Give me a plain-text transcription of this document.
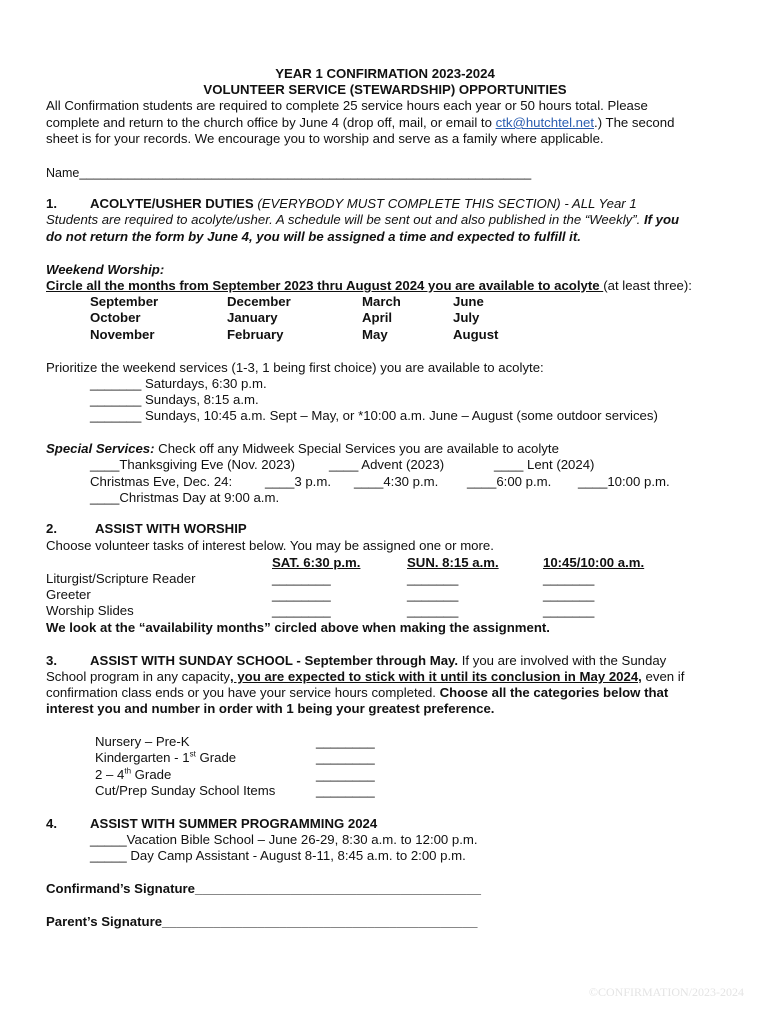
YEAR 1 CONFIRMATION 2023-2024
VOLUNTEER SERVICE (STEWARDSHIP) OPPORTUNITIES
All Confirmation students are required to complete 25 service hours each year or 50 hours total. Please
complete and return to the church office by June 4 (drop off, mail, or email to ctk@hutchtel.net.) The second
sheet is for your records. We encourage you to worship and serve as a family where applicable.
Name_________________________________________________________________
1.	ACOLYTE/USHER DUTIES (EVERYBODY MUST COMPLETE THIS SECTION) - ALL Year 1
Students are required to acolyte/usher. A schedule will be sent out and also published in the “Weekly”. If you
do not return the form by June 4, you will be assigned a time and expected to fulfill it.
Weekend Worship:
Circle all the months from September 2023 thru August 2024 you are available to acolyte (at least three):
September	December	March	June
October	January	April	July
November	February	May	August
Prioritize the weekend services (1-3, 1 being first choice) you are available to acolyte:
_______ Saturdays, 6:30 p.m.
_______ Sundays, 8:15 a.m.
_______ Sundays, 10:45 a.m. Sept – May, or *10:00 a.m. June – August (some outdoor services)
Special Services: Check off any Midweek Special Services you are available to acolyte
____Thanksgiving Eve (Nov. 2023)	____ Advent (2023)	____ Lent (2024)
Christmas Eve, Dec. 24: ____3 p.m. ____4:30 p.m. ____6:00 p.m. ____10:00 p.m.
____Christmas Day at 9:00 a.m.
2.	ASSIST WITH WORSHIP
Choose volunteer tasks of interest below. You may be assigned one or more.
SAT. 6:30 p.m.	SUN. 8:15 a.m.	10:45/10:00 a.m.
Liturgist/Scripture Reader	________	_______	_______
Greeter	________	_______	_______
Worship Slides	________	_______	_______
We look at the “availability months” circled above when making the assignment.
3.	ASSIST WITH SUNDAY SCHOOL - September through May. If you are involved with the Sunday
School program in any capacity, you are expected to stick with it until its conclusion in May 2024, even if
confirmation class ends or you have your service hours completed. Choose all the categories below that
interest you and number in order with 1 being your greatest preference.
Nursery – Pre-K	________
Kindergarten - 1st Grade	________
2 – 4th Grade	________
Cut/Prep Sunday School Items	________
4.	ASSIST WITH SUMMER PROGRAMMING 2024
_____Vacation Bible School – June 26-29, 8:30 a.m. to 12:00 p.m.
_____ Day Camp Assistant - August 8-11, 8:45 a.m. to 2:00 p.m.
Confirmand’s Signature_______________________________________
Parent’s Signature___________________________________________
©CONFIRMATION/2023-2024
